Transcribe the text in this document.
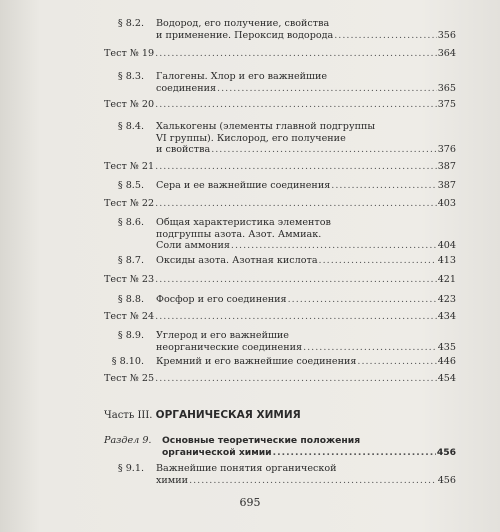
§ 8.2. Водород, его получение, свойства
и применение. Пероксид водорода .....	356
Тест № 19 .....	364
§ 8.3. Галогены. Хлор и его важнейшие
соединения .....	365
Тест № 20 .....	375
§ 8.4. Халькогены (элементы главной подгруппы
VI группы). Кислород, его получение
и свойства .....	376
Тест № 21 .....	387
§ 8.5. Сера и ее важнейшие соединения .....	387
Тест № 22 .....	403
§ 8.6. Общая характеристика элементов
подгруппы азота. Азот. Аммиак.
Соли аммония .....	404
§ 8.7. Оксиды азота. Азотная кислота .....	413
Тест № 23 .....	421
§ 8.8. Фосфор и его соединения .....	423
Тест № 24 .....	434
§ 8.9. Углерод и его важнейшие
неорганические соединения .....	435
§ 8.10. Кремний и его важнейшие соединения .....	446
Тест № 25 .....	454
Часть III. ОРГАНИЧЕСКАЯ ХИМИЯ
Раздел 9.	Основные теоретические положения
органической химии .....	456
§ 9.1. Важнейшие понятия органической
химии .....	456
695
